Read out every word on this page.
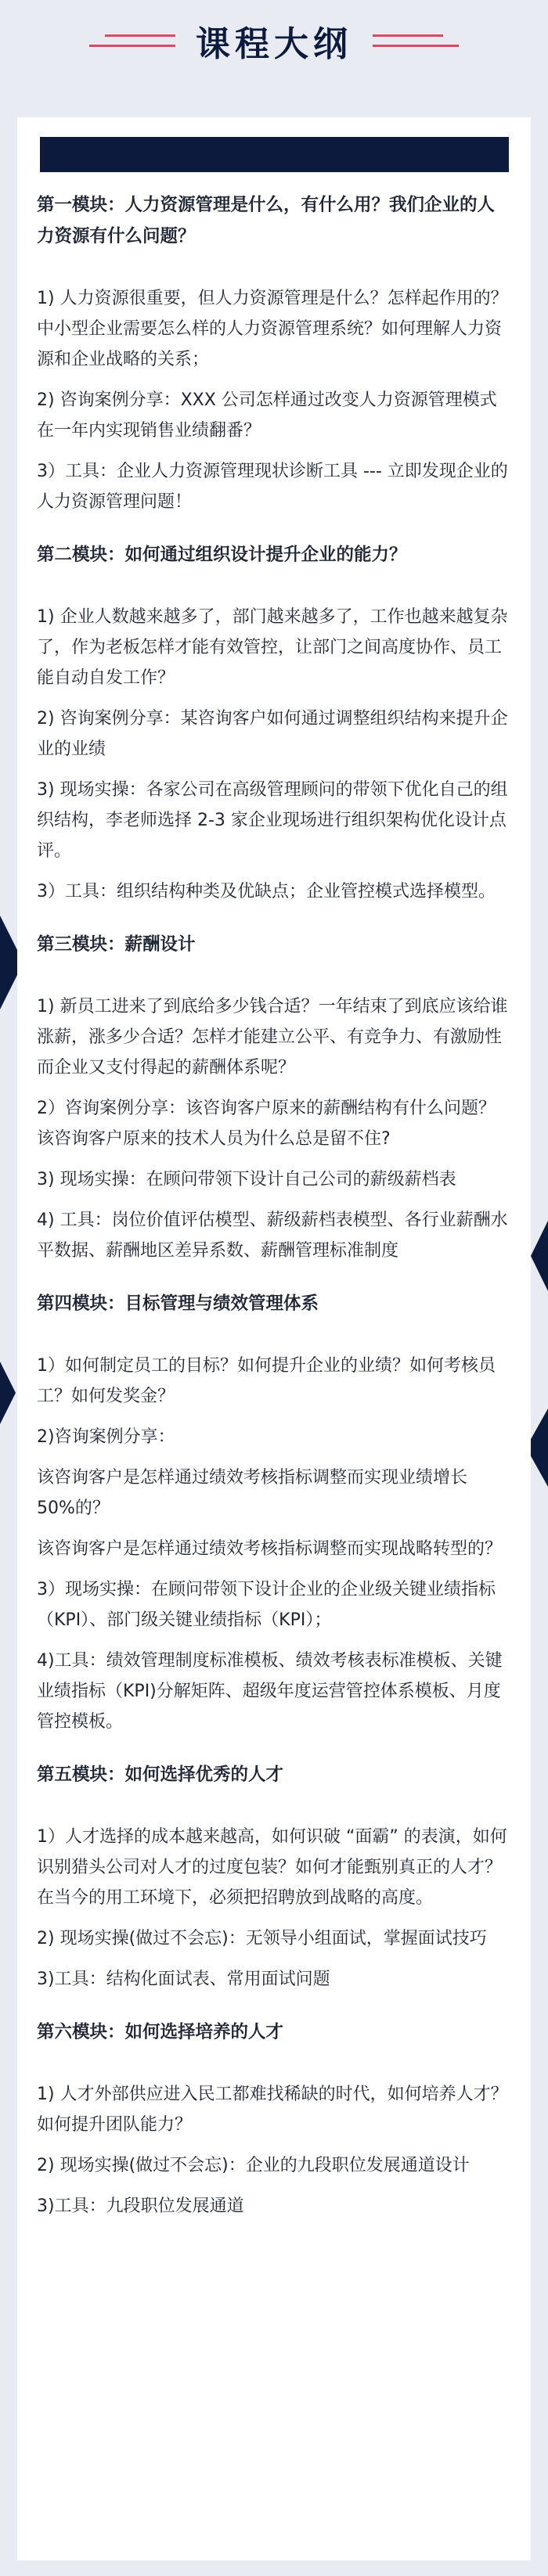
课程大纲
第一模块：人力资源管理是什么，有什么用？我们企业的人力资源有什么问题？

1) 人力资源很重要，但人力资源管理是什么？怎样起作用的？中小型企业需要怎么样的人力资源管理系统？如何理解人力资源和企业战略的关系；

2) 咨询案例分享：XXX 公司怎样通过改变人力资源管理模式在一年内实现销售业绩翻番？

3）工具：企业人力资源管理现状诊断工具 --- 立即发现企业的人力资源管理问题！

第二模块：如何通过组织设计提升企业的能力？

1) 企业人数越来越多了，部门越来越多了，工作也越来越复杂了，作为老板怎样才能有效管控，让部门之间高度协作、员工能自动自发工作？

2) 咨询案例分享：某咨询客户如何通过调整组织结构来提升企业的业绩

3) 现场实操：各家公司在高级管理顾问的带领下优化自己的组织结构，李老师选择 2-3 家企业现场进行组织架构优化设计点评。

3）工具：组织结构种类及优缺点；企业管控模式选择模型。

第三模块：薪酬设计

1) 新员工进来了到底给多少钱合适？一年结束了到底应该给谁涨薪，涨多少合适？怎样才能建立公平、有竞争力、有激励性而企业又支付得起的薪酬体系呢？

2）咨询案例分享：该咨询客户原来的薪酬结构有什么问题？该咨询客户原来的技术人员为什么总是留不住?

3) 现场实操：在顾问带领下设计自己公司的薪级薪档表

4) 工具：岗位价值评估模型、薪级薪档表模型、各行业薪酬水平数据、薪酬地区差异系数、薪酬管理标准制度

第四模块：目标管理与绩效管理体系

1）如何制定员工的目标？如何提升企业的业绩？如何考核员工？如何发奖金？

2)咨询案例分享：

该咨询客户是怎样通过绩效考核指标调整而实现业绩增长 50%的？

该咨询客户是怎样通过绩效考核指标调整而实现战略转型的？

3）现场实操：在顾问带领下设计企业的企业级关键业绩指标（KPI）、部门级关键业绩指标（KPI）；

4)工具：绩效管理制度标准模板、绩效考核表标准模板、关键业绩指标（KPI)分解矩阵、超级年度运营管控体系模板、月度管控模板。

第五模块：如何选择优秀的人才

1）人才选择的成本越来越高，如何识破 “面霸” 的表演，如何识别猎头公司对人才的过度包装？如何才能甄别真正的人才？在当今的用工环境下，必须把招聘放到战略的高度。

2) 现场实操(做过不会忘)：无领导小组面试，掌握面试技巧

3)工具：结构化面试表、常用面试问题

第六模块：如何选择培养的人才

1) 人才外部供应进入民工都难找稀缺的时代，如何培养人才？如何提升团队能力？

2) 现场实操(做过不会忘)：企业的九段职位发展通道设计

3)工具：九段职位发展通道
